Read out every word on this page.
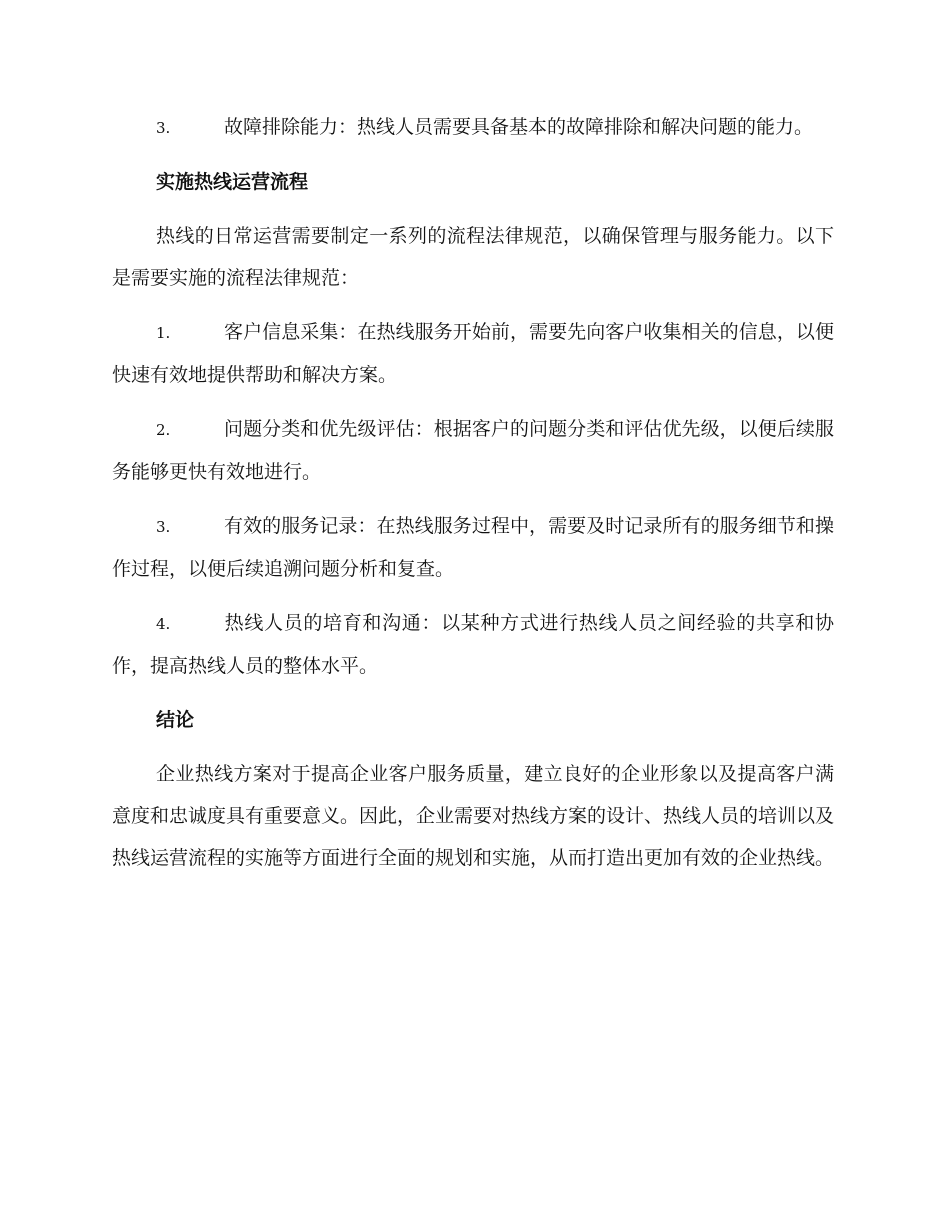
3.	故障排除能力：热线人员需要具备基本的故障排除和解决问题的能力。

实施热线运营流程

热线的日常运营需要制定一系列的流程法律规范，以确保管理与服务能力。以下是需要实施的流程法律规范：

1.	客户信息采集：在热线服务开始前，需要先向客户收集相关的信息，以便快速有效地提供帮助和解决方案。

2.	问题分类和优先级评估：根据客户的问题分类和评估优先级，以便后续服务能够更快有效地进行。

3.	有效的服务记录：在热线服务过程中，需要及时记录所有的服务细节和操作过程，以便后续追溯问题分析和复查。

4.	热线人员的培育和沟通：以某种方式进行热线人员之间经验的共享和协作，提高热线人员的整体水平。

结论

企业热线方案对于提高企业客户服务质量，建立良好的企业形象以及提高客户满意度和忠诚度具有重要意义。因此，企业需要对热线方案的设计、热线人员的培训以及热线运营流程的实施等方面进行全面的规划和实施，从而打造出更加有效的企业热线。
